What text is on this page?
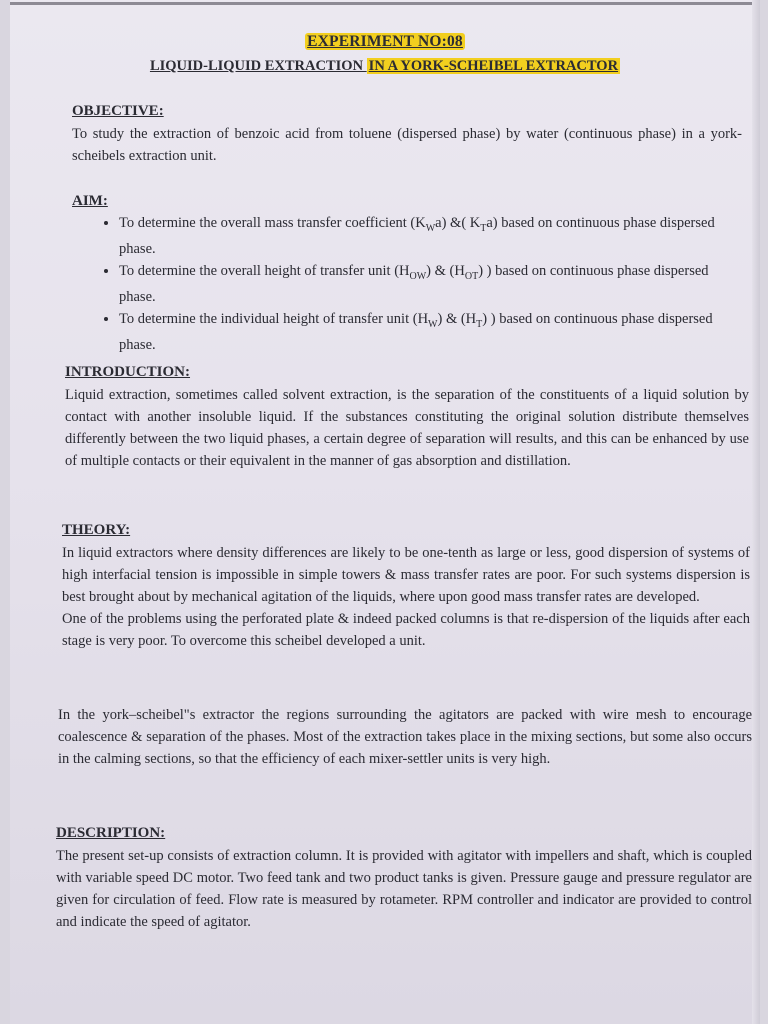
EXPERIMENT NO:08
LIQUID-LIQUID EXTRACTION IN A YORK-SCHEIBEL EXTRACTOR
OBJECTIVE:
To study the extraction of benzoic acid from toluene (dispersed phase) by water (continuous phase) in a york-scheibels extraction unit.
AIM:
• To determine the overall mass transfer coefficient $(K_Wa)$ &( $K_Ta$) based on continuous phase dispersed phase.
• To determine the overall height of transfer unit $(H_{OW})$ & $(H_{OT})$ ) based on continuous phase dispersed phase.
• To determine the individual height of transfer unit $(H_W)$ & $(H_T)$ ) based on continuous phase dispersed phase.
INTRODUCTION:
Liquid extraction, sometimes called solvent extraction, is the separation of the constituents of a liquid solution by contact with another insoluble liquid. If the substances constituting the original solution distribute themselves differently between the two liquid phases, a certain degree of separation will results, and this can be enhanced by use of multiple contacts or their equivalent in the manner of gas absorption and distillation.
THEORY:
In liquid extractors where density differences are likely to be one-tenth as large or less, good dispersion of systems of high interfacial tension is impossible in simple towers & mass transfer rates are poor. For such systems dispersion is best brought about by mechanical agitation of the liquids, where upon good mass transfer rates are developed.
One of the problems using the perforated plate & indeed packed columns is that re-dispersion of the liquids after each stage is very poor. To overcome this scheibel developed a unit.
In the york–scheibel"s extractor the regions surrounding the agitators are packed with wire mesh to encourage coalescence & separation of the phases. Most of the extraction takes place in the mixing sections, but some also occurs in the calming sections, so that the efficiency of each mixer-settler units is very high.
DESCRIPTION:
The present set-up consists of extraction column. It is provided with agitator with impellers and shaft, which is coupled with variable speed DC motor. Two feed tank and two product tanks is given. Pressure gauge and pressure regulator are given for circulation of feed. Flow rate is measured by rotameter. RPM controller and indicator are provided to control and indicate the speed of agitator.
